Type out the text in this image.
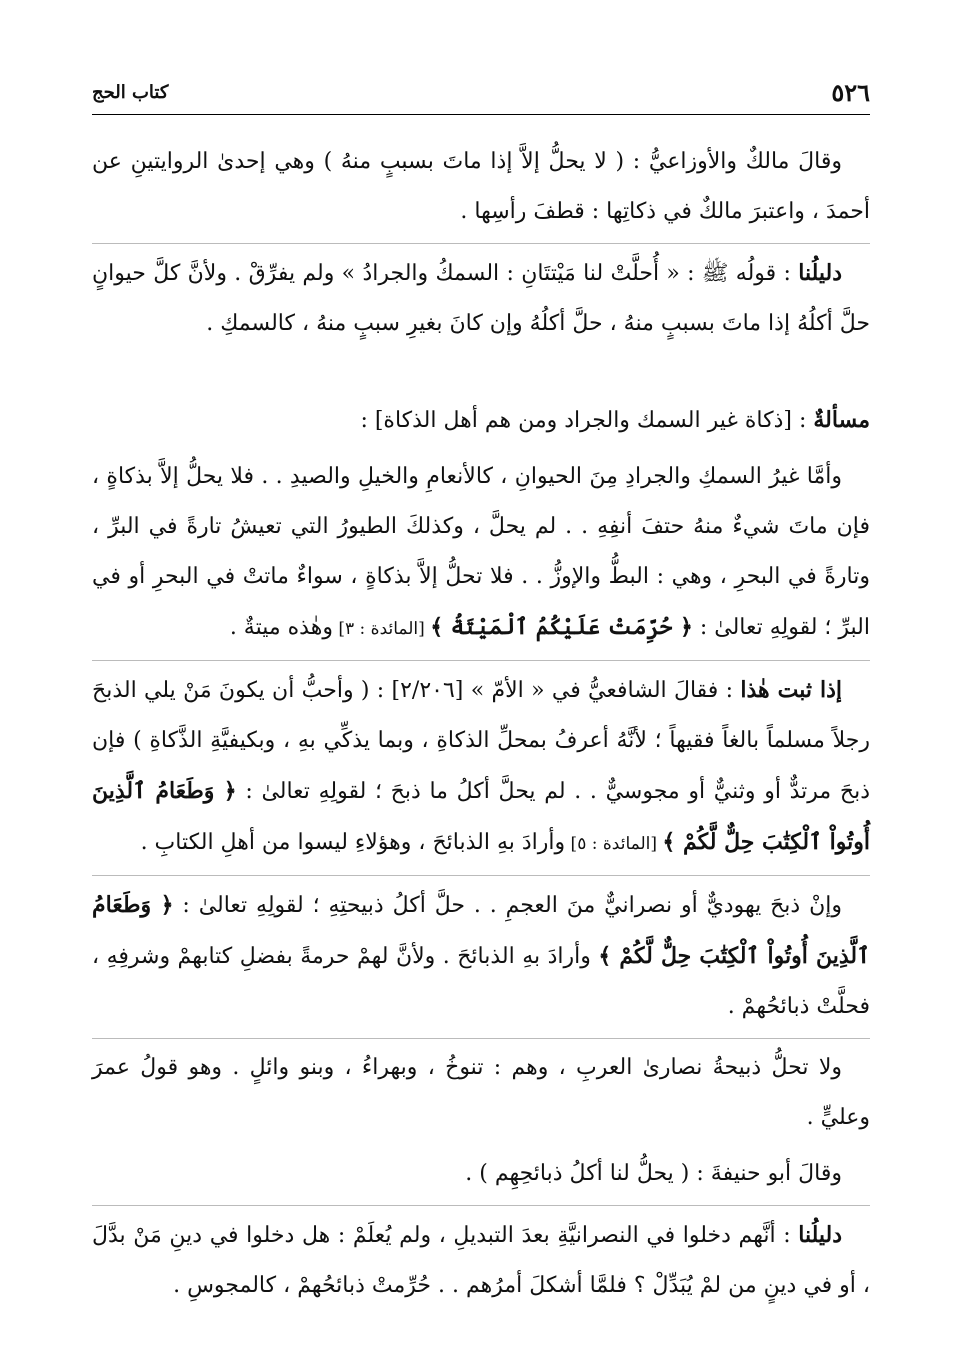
٥٢٦
كتاب الحج

وقالَ مالكٌ والأوزاعيُّ : ( لا يحلُّ إلاَّ إذا ماتَ بسببٍ منهُ ) وهي إحدىٰ الروايتينِ عن أحمدَ ، واعتبرَ مالكٌ في ذكاتِها : قطفَ رأسِها .

دليلُنا : قولُه ﷺ : « أُحلَّتْ لنا مَيْتتَانِ : السمكُ والجرادُ » ولم يفرِّقْ . ولأنَّ كلَّ حيوانٍ حلَّ أكلُهُ إذا ماتَ بسببٍ منهُ ، حلَّ أكلُهُ وإن كانَ بغيرِ سببٍ منهُ ، كالسمكِ .

مسألةٌ : [ذكاة غير السمك والجراد ومن هم أهل الذكاة] :

وأمَّا غيرُ السمكِ والجرادِ مِنَ الحيوانِ ، كالأنعامِ والخيلِ والصيدِ . . فلا يحلُّ إلاَّ بذكاةٍ ، فإن ماتَ شيءٌ منهُ حتفَ أنفِهِ . . لم يحلَّ ، وكذلكَ الطيورُ التي تعيشُ تارةً في البرِّ ، وتارةً في البحرِ ، وهي : البطُّ والإوزُّ . . فلا تحلُّ إلاَّ بذكاةٍ ، سواءٌ ماتتْ في البحرِ أو في البرِّ ؛ لقولِهِ تعالىٰ : ﴿ حُرِّمَتْ عَلَيْكُمُ ٱلْمَيْتَةُ ﴾ [المائدة : ٣] وهٰذه ميتةٌ .

إذا ثبت هٰذا : فقالَ الشافعيُّ في « الأمّ » [٢/٢٠٦] : ( وأحبُّ أن يكونَ مَنْ يلي الذبحَ رجلاً مسلماً بالغاً فقيهاً ؛ لأنَّهُ أعرفُ بمحلِّ الذكاةِ ، وبما يذكِّي بهِ ، وبكيفيَّةِ الذَّكاةِ ) فإن ذبحَ مرتدٌّ أو وثنيٌّ أو مجوسيٌّ . . لم يحلَّ أكلُ ما ذبحَ ؛ لقولِهِ تعالىٰ : ﴿ وَطَعَامُ ٱلَّذِينَ أُوتُواْ ٱلْكِتَٰبَ حِلٌّ لَّكُمْ ﴾ [المائدة : ٥] وأرادَ بهِ الذبائحَ ، وهؤلاءِ ليسوا من أهلِ الكتابِ .

وإنْ ذبحَ يهوديٌّ أو نصرانيٌّ منَ العجمِ . . حلَّ أكلُ ذبيحتِهِ ؛ لقولِهِ تعالىٰ : ﴿ وَطَعَامُ ٱلَّذِينَ أُوتُواْ ٱلْكِتَٰبَ حِلٌّ لَّكُمْ ﴾ وأرادَ بهِ الذبائحَ . ولأنَّ لهمْ حرمةً بفضلِ كتابهمْ وشرفِهِ ، فحلَّتْ ذبائحُهمْ .

ولا تحلُّ ذبيحةُ نصارىٰ العربِ ، وهم : تنوخُ ، وبهراءُ ، وبنو وائلٍ . وهو قولُ عمرَ وعليٍّ .

وقالَ أبو حنيفةَ : ( يحلُّ لنا أكلُ ذبائحِهِم ) .

دليلُنا : أنَّهم دخلوا في النصرانيَّةِ بعدَ التبديلِ ، ولم يُعلَمْ : هل دخلوا في دينِ مَنْ بدَّلَ ، أو في دينٍ من لمْ يُبَدِّلْ ؟ فلمَّا أشكلَ أمرُهم . . حُرِّمتْ ذبائحُهمْ ، كالمجوسِ .
